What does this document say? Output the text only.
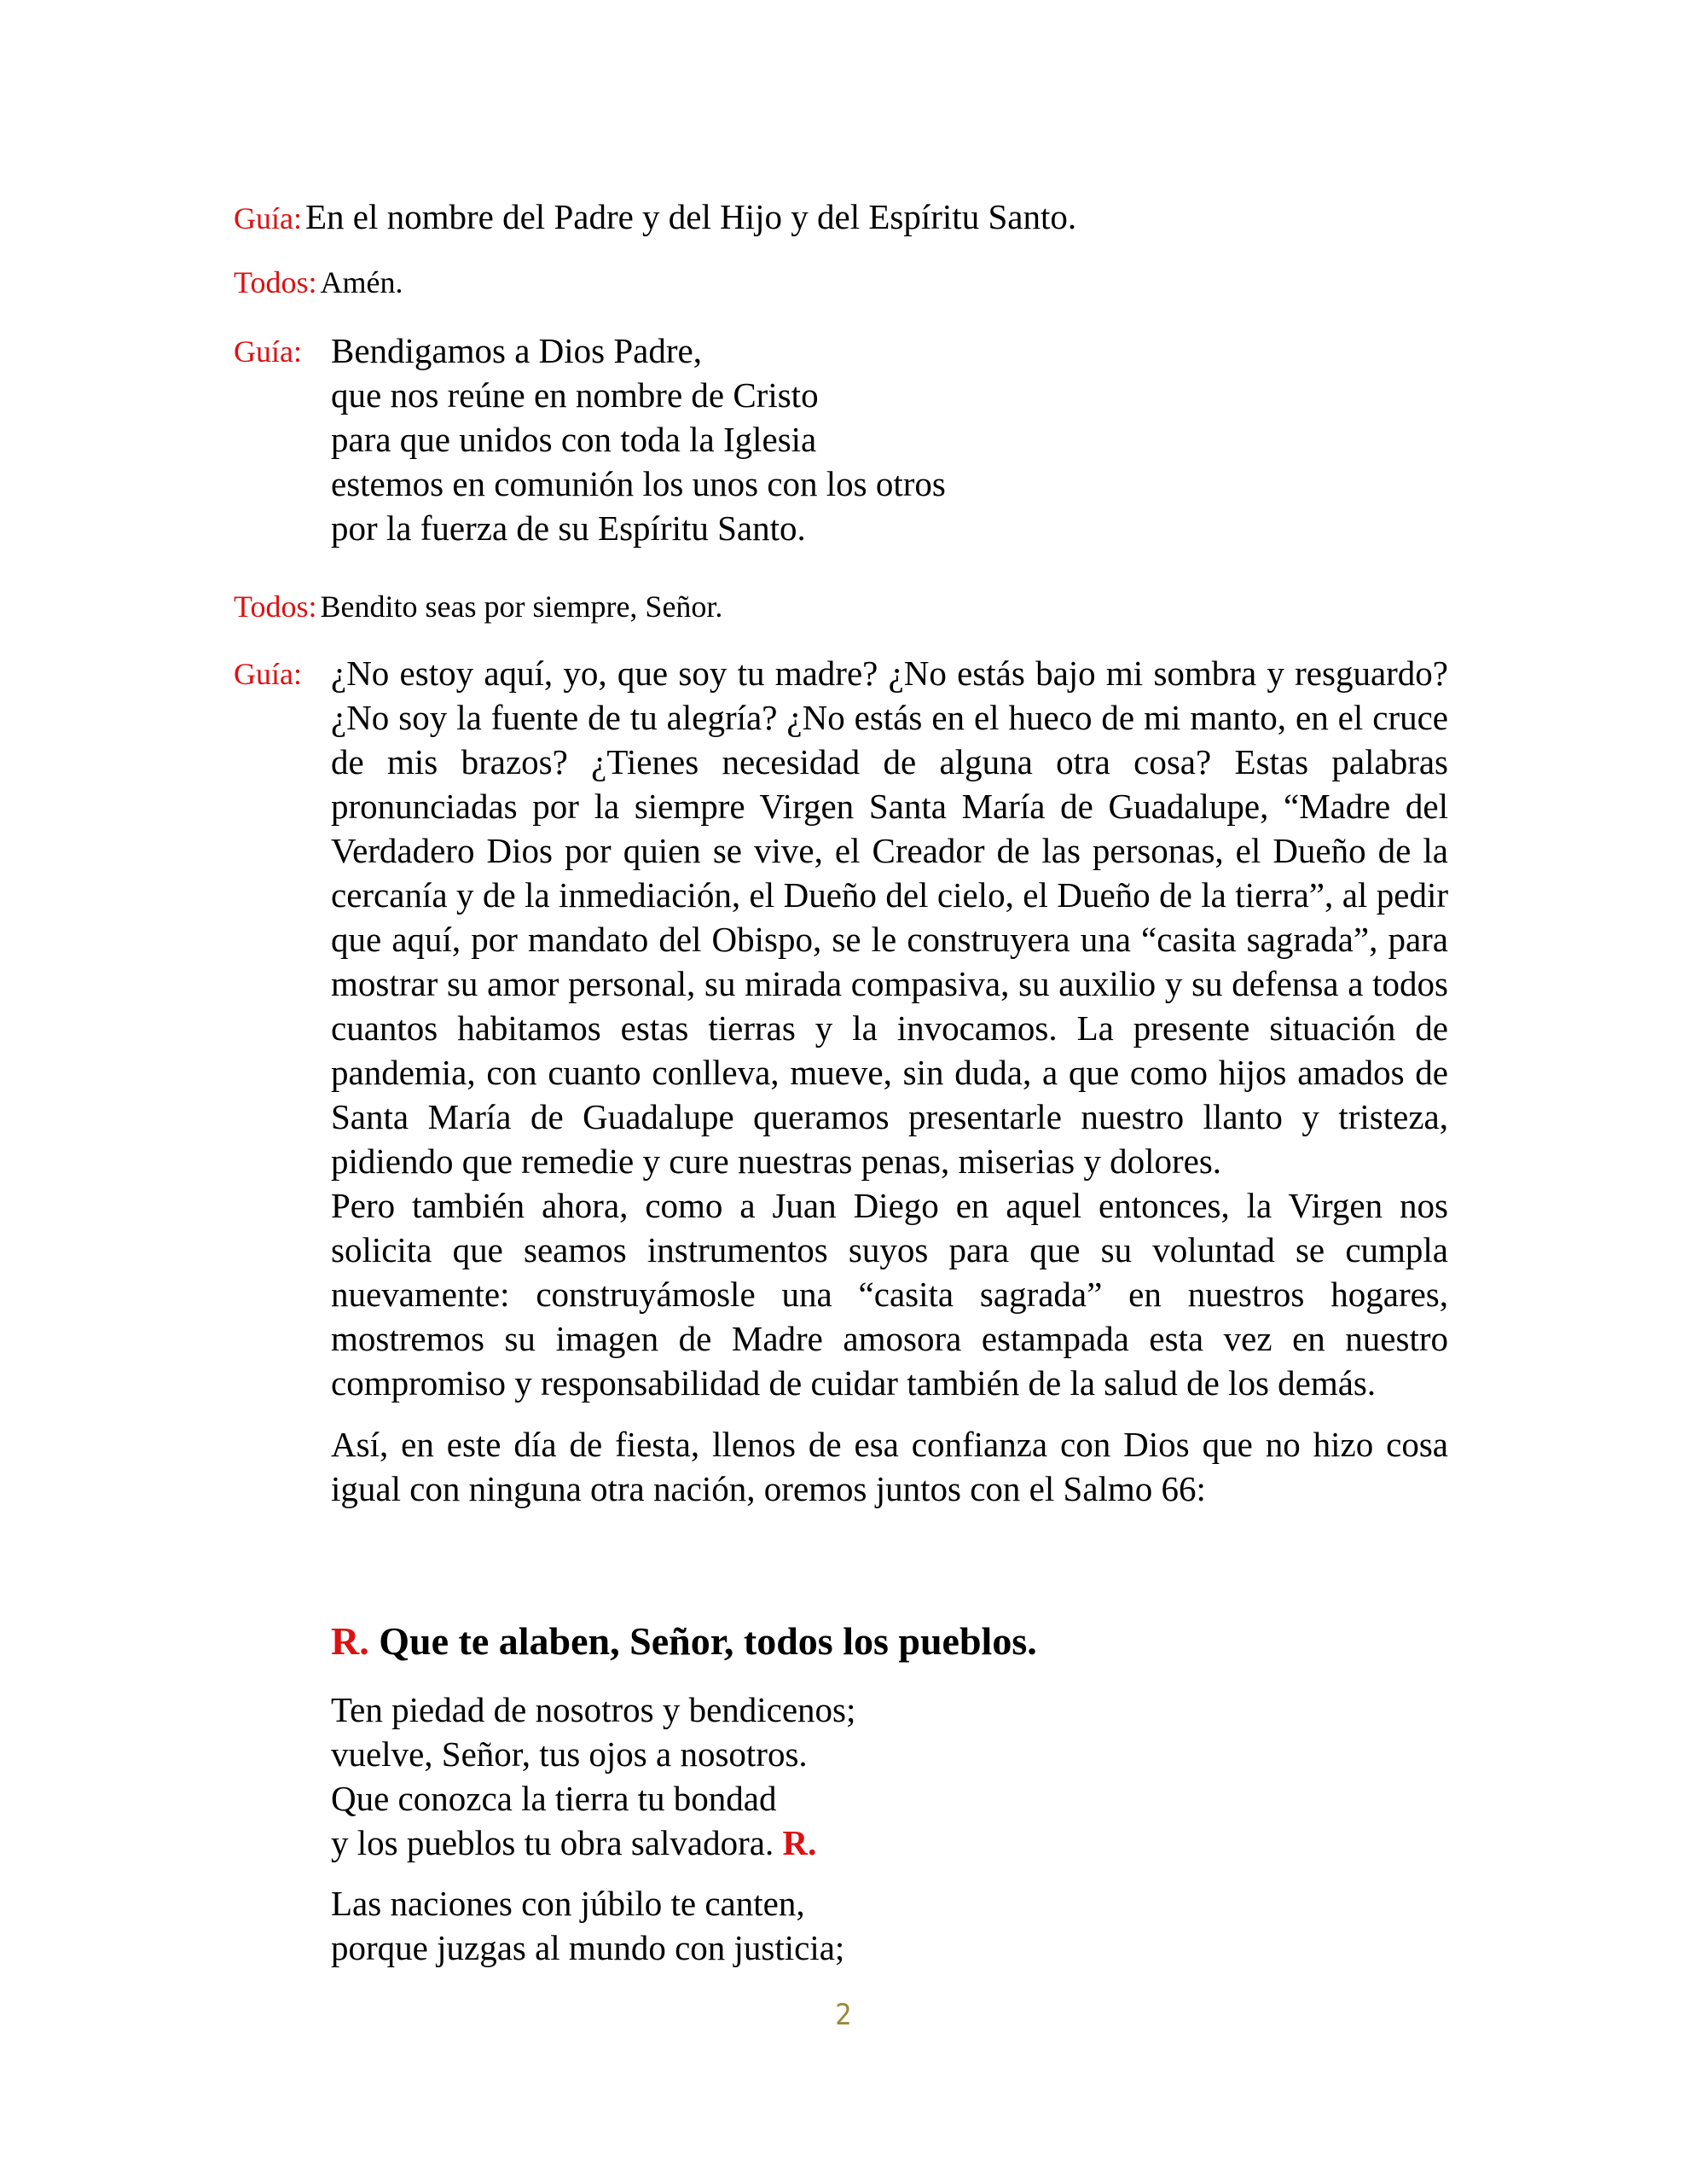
Guía: En el nombre del Padre y del Hijo y del Espíritu Santo.
Todos: Amén.
Guía: Bendigamos a Dios Padre,
que nos reúne en nombre de Cristo
para que unidos con toda la Iglesia
estemos en comunión los unos con los otros
por la fuerza de su Espíritu Santo.
Todos: Bendito seas por siempre, Señor.
Guía: ¿No estoy aquí, yo, que soy tu madre? ¿No estás bajo mi sombra y resguardo? ¿No soy la fuente de tu alegría? ¿No estás en el hueco de mi manto, en el cruce de mis brazos? ¿Tienes necesidad de alguna otra cosa? Estas palabras pronunciadas por la siempre Virgen Santa María de Guadalupe, “Madre del Verdadero Dios por quien se vive, el Creador de las personas, el Dueño de la cercanía y de la inmediación, el Dueño del cielo, el Dueño de la tierra”, al pedir que aquí, por mandato del Obispo, se le construyera una “casita sagrada”, para mostrar su amor personal, su mirada compasiva, su auxilio y su defensa a todos cuantos habitamos estas tierras y la invocamos. La presente situación de pandemia, con cuanto conlleva, mueve, sin duda, a que como hijos amados de Santa María de Guadalupe queramos presentarle nuestro llanto y tristeza, pidiendo que remedie y cure nuestras penas, miserias y dolores.
Pero también ahora, como a Juan Diego en aquel entonces, la Virgen nos solicita que seamos instrumentos suyos para que su voluntad se cumpla nuevamente: construyámosle una “casita sagrada” en nuestros hogares, mostremos su imagen de Madre amosora estampada esta vez en nuestro compromiso y responsabilidad de cuidar también de la salud de los demás.
Así, en este día de fiesta, llenos de esa confianza con Dios que no hizo cosa igual con ninguna otra nación, oremos juntos con el Salmo 66:
R. Que te alaben, Señor, todos los pueblos.
Ten piedad de nosotros y bendicenos;
vuelve, Señor, tus ojos a nosotros.
Que conozca la tierra tu bondad
y los pueblos tu obra salvadora. R.
Las naciones con júbilo te canten,
porque juzgas al mundo con justicia;
2
